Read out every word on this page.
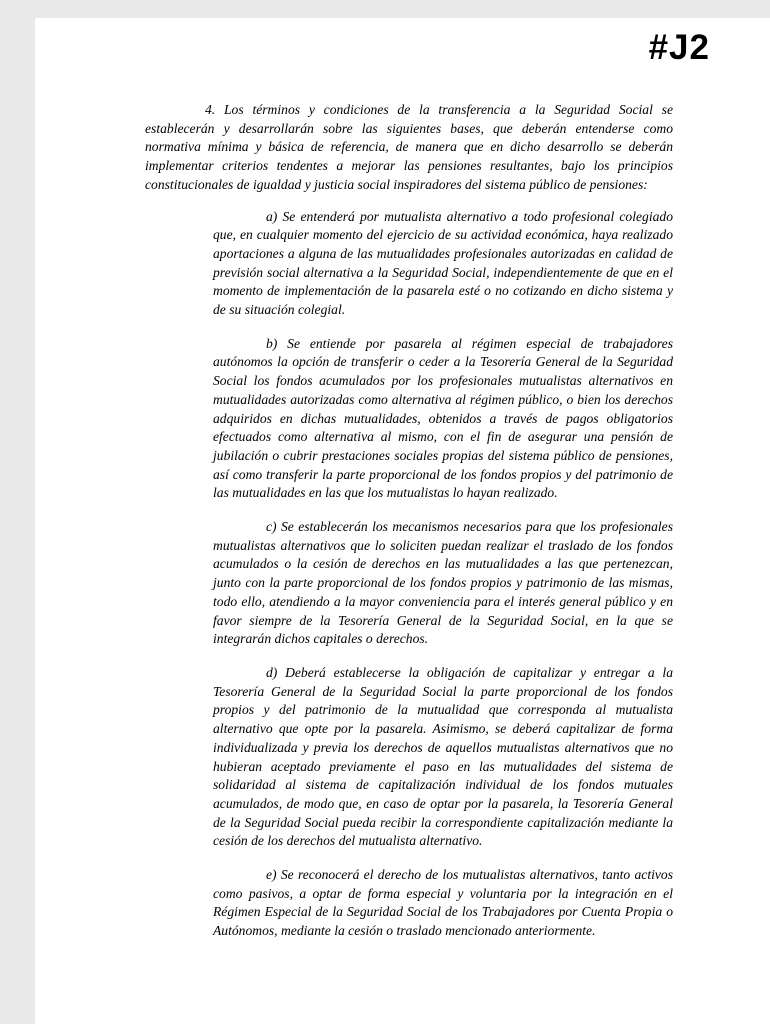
#J2

4. Los términos y condiciones de la transferencia a la Seguridad Social se establecerán y desarrollarán sobre las siguientes bases, que deberán entenderse como normativa mínima y básica de referencia, de manera que en dicho desarrollo se deberán implementar criterios tendentes a mejorar las pensiones resultantes, bajo los principios constitucionales de igualdad y justicia social inspiradores del sistema público de pensiones:

a) Se entenderá por mutualista alternativo a todo profesional colegiado que, en cualquier momento del ejercicio de su actividad económica, haya realizado aportaciones a alguna de las mutualidades profesionales autorizadas en calidad de previsión social alternativa a la Seguridad Social, independientemente de que en el momento de implementación de la pasarela esté o no cotizando en dicho sistema y de su situación colegial.

b) Se entiende por pasarela al régimen especial de trabajadores autónomos la opción de transferir o ceder a la Tesorería General de la Seguridad Social los fondos acumulados por los profesionales mutualistas alternativos en mutualidades autorizadas como alternativa al régimen público, o bien los derechos adquiridos en dichas mutualidades, obtenidos a través de pagos obligatorios efectuados como alternativa al mismo, con el fin de asegurar una pensión de jubilación o cubrir prestaciones sociales propias del sistema público de pensiones, así como transferir la parte proporcional de los fondos propios y del patrimonio de las mutualidades en las que los mutualistas lo hayan realizado.

c) Se establecerán los mecanismos necesarios para que los profesionales mutualistas alternativos que lo soliciten puedan realizar el traslado de los fondos acumulados o la cesión de derechos en las mutualidades a las que pertenezcan, junto con la parte proporcional de los fondos propios y patrimonio de las mismas, todo ello, atendiendo a la mayor conveniencia para el interés general público y en favor siempre de la Tesorería General de la Seguridad Social, en la que se integrarán dichos capitales o derechos.

d) Deberá establecerse la obligación de capitalizar y entregar a la Tesorería General de la Seguridad Social la parte proporcional de los fondos propios y del patrimonio de la mutualidad que corresponda al mutualista alternativo que opte por la pasarela. Asimismo, se deberá capitalizar de forma individualizada y previa los derechos de aquellos mutualistas alternativos que no hubieran aceptado previamente el paso en las mutualidades del sistema de solidaridad al sistema de capitalización individual de los fondos mutuales acumulados, de modo que, en caso de optar por la pasarela, la Tesorería General de la Seguridad Social pueda recibir la correspondiente capitalización mediante la cesión de los derechos del mutualista alternativo.

e) Se reconocerá el derecho de los mutualistas alternativos, tanto activos como pasivos, a optar de forma especial y voluntaria por la integración en el Régimen Especial de la Seguridad Social de los Trabajadores por Cuenta Propia o Autónomos, mediante la cesión o traslado mencionado anteriormente.
